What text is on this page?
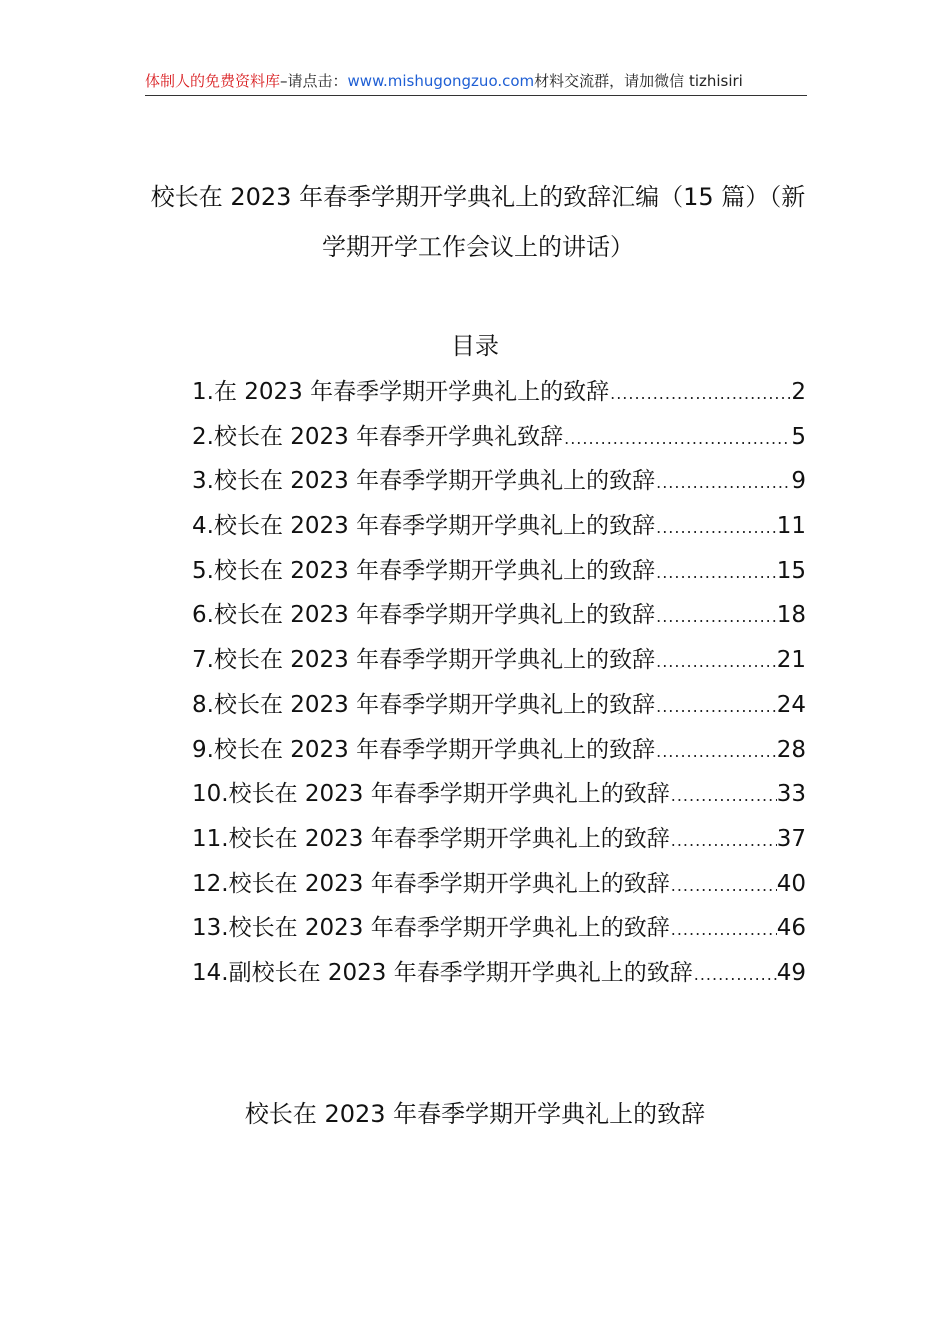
体制人的免费资料库–请点击：www.mishugongzuo.com材料交流群，请加微信 tizhisiri
校长在 2023 年春季学期开学典礼上的致辞汇编（15 篇）（新
学期开学工作会议上的讲话）
目录
1.在 2023 年春季学期开学典礼上的致辞 .....	2
2.校长在 2023 年春季开学典礼致辞 .....	5
3.校长在 2023 年春季学期开学典礼上的致辞 .....	9
4.校长在 2023 年春季学期开学典礼上的致辞 .....	11
5.校长在 2023 年春季学期开学典礼上的致辞 .....	15
6.校长在 2023 年春季学期开学典礼上的致辞 .....	18
7.校长在 2023 年春季学期开学典礼上的致辞 .....	21
8.校长在 2023 年春季学期开学典礼上的致辞 .....	24
9.校长在 2023 年春季学期开学典礼上的致辞 .....	28
10.校长在 2023 年春季学期开学典礼上的致辞 .....	33
11.校长在 2023 年春季学期开学典礼上的致辞 .....	37
12.校长在 2023 年春季学期开学典礼上的致辞 .....	40
13.校长在 2023 年春季学期开学典礼上的致辞 .....	46
14.副校长在 2023 年春季学期开学典礼上的致辞 .....	49
校长在 2023 年春季学期开学典礼上的致辞
